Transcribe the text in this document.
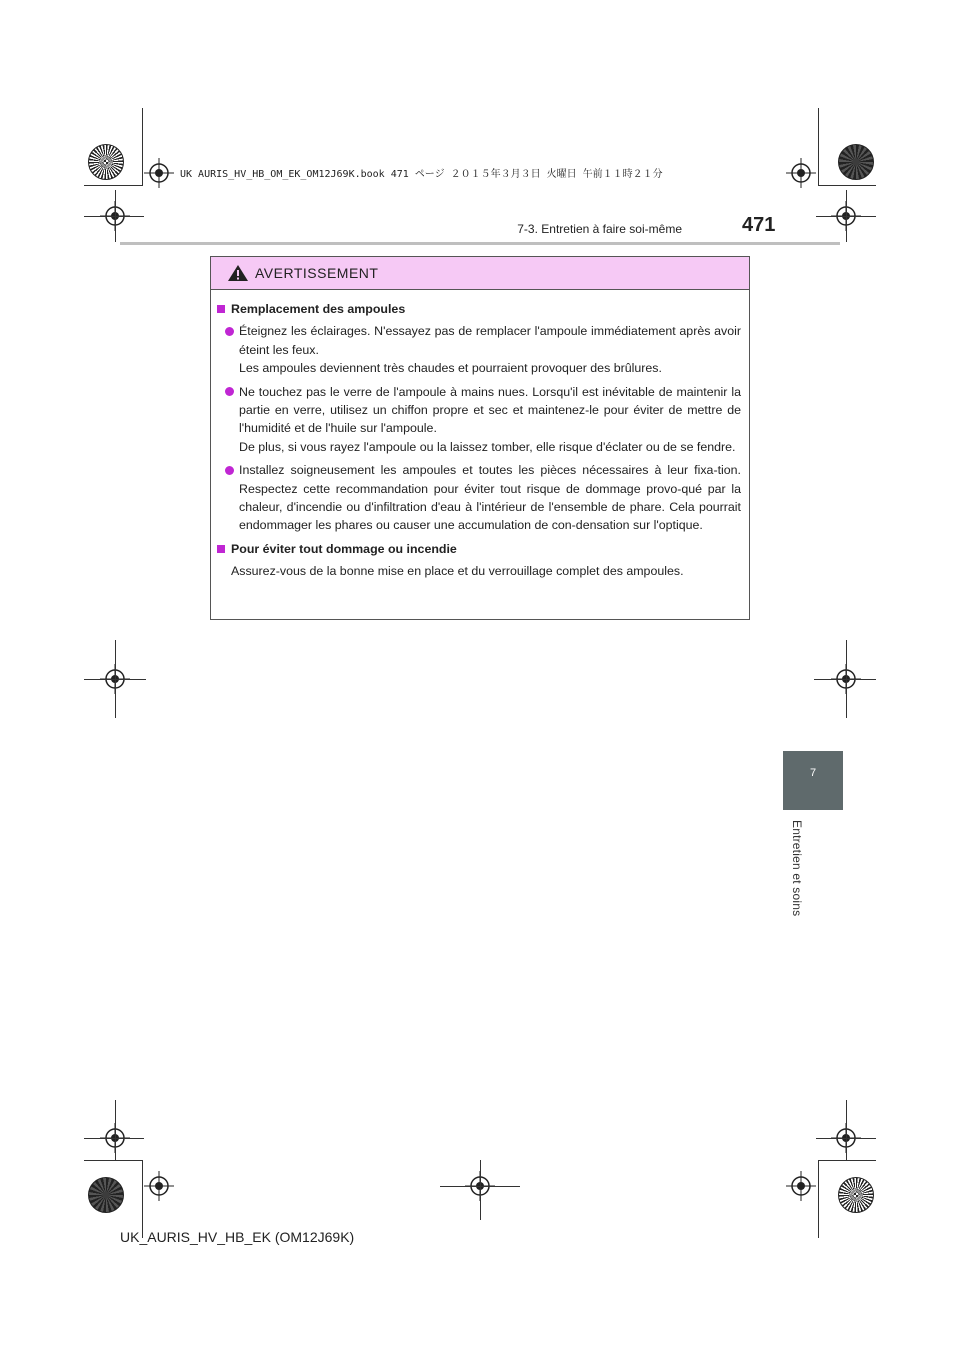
UK AURIS_HV_HB_OM_EK_OM12J69K.book 471 ページ ２０１５年３月３日 火曜日 午前１１時２１分
7-3. Entretien à faire soi-même	471
7
Entretien et soins
AVERTISSEMENT
Remplacement des ampoules
Éteignez les éclairages. N'essayez pas de remplacer l'ampoule immédiatement après avoir éteint les feux.
Les ampoules deviennent très chaudes et pourraient provoquer des brûlures.
Ne touchez pas le verre de l'ampoule à mains nues. Lorsqu'il est inévitable de maintenir la partie en verre, utilisez un chiffon propre et sec et maintenez-le pour éviter de mettre de l'humidité et de l'huile sur l'ampoule.
De plus, si vous rayez l'ampoule ou la laissez tomber, elle risque d'éclater ou de se fendre.
Installez soigneusement les ampoules et toutes les pièces nécessaires à leur fixa-tion. Respectez cette recommandation pour éviter tout risque de dommage provo-qué par la chaleur, d'incendie ou d'infiltration d'eau à l'intérieur de l'ensemble de phare. Cela pourrait endommager les phares ou causer une accumulation de con-densation sur l'optique.
Pour éviter tout dommage ou incendie
Assurez-vous de la bonne mise en place et du verrouillage complet des ampoules.
UK_AURIS_HV_HB_EK (OM12J69K)
